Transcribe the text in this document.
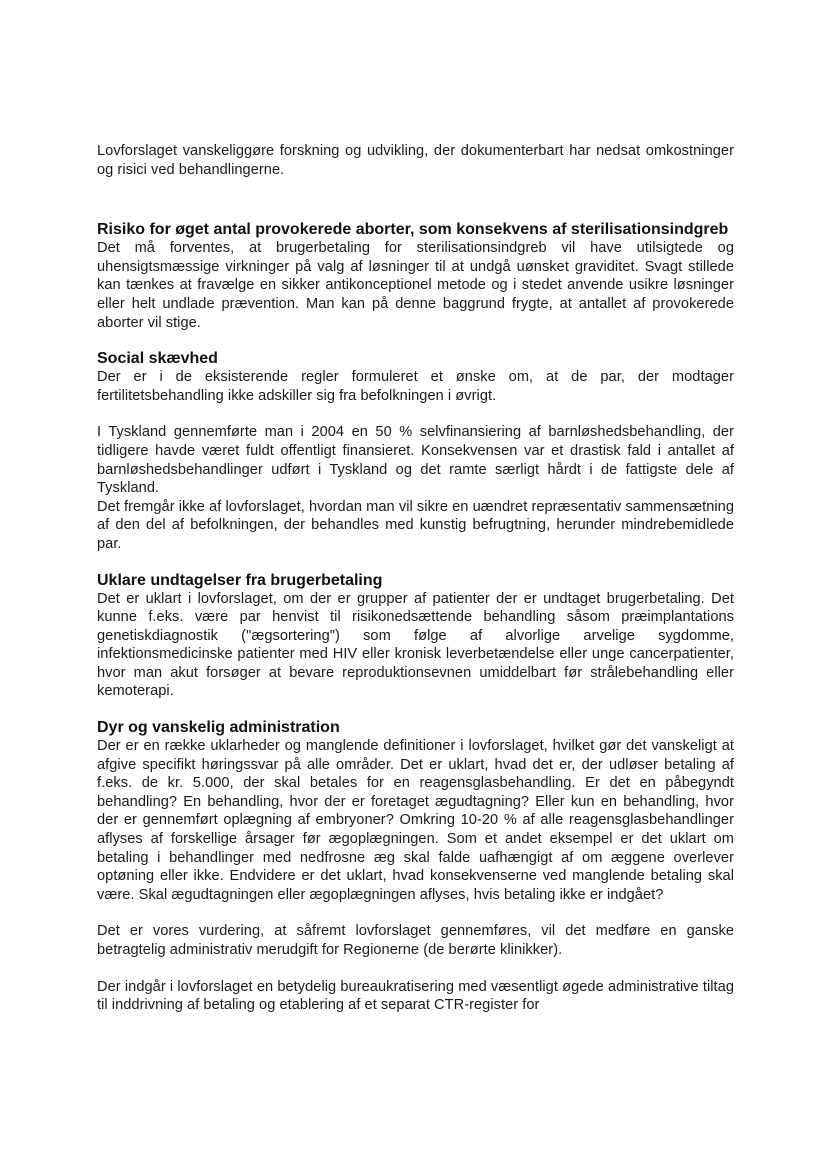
Lovforslaget vanskeliggøre forskning og udvikling, der dokumenterbart har nedsat omkostninger og risici ved behandlingerne.

Risiko for øget antal provokerede aborter, som konsekvens af sterilisationsindgreb

Det må forventes, at brugerbetaling for sterilisationsindgreb vil have utilsigtede og uhensigtsmæssige virkninger på valg af løsninger til at undgå uønsket graviditet. Svagt stillede kan tænkes at fravælge en sikker antikonceptionel metode og i stedet anvende usikre løsninger eller helt undlade prævention. Man kan på denne baggrund frygte, at antallet af provokerede aborter vil stige.

Social skævhed

Der er i de eksisterende regler formuleret et ønske om, at de par, der modtager fertilitetsbehandling ikke adskiller sig fra befolkningen i øvrigt.

I Tyskland gennemførte man i 2004 en 50 % selvfinansiering af barnløshedsbehandling, der tidligere havde været fuldt offentligt finansieret. Konsekvensen var et drastisk fald i antallet af barnløshedsbehandlinger udført i Tyskland og det ramte særligt hårdt i de fattigste dele af Tyskland.

Det fremgår ikke af lovforslaget, hvordan man vil sikre en uændret repræsentativ sammensætning af den del af befolkningen, der behandles med kunstig befrugtning, herunder mindrebemidlede par.

Uklare undtagelser fra brugerbetaling

Det er uklart i lovforslaget, om der er grupper af patienter der er undtaget brugerbetaling. Det kunne f.eks. være par henvist til risikonedsættende behandling såsom præimplantations genetiskdiagnostik ("ægsortering") som følge af alvorlige arvelige sygdomme, infektionsmedicinske patienter med HIV eller kronisk leverbetændelse eller unge cancerpatienter, hvor man akut forsøger at bevare reproduktionsevnen umiddelbart før strålebehandling eller kemoterapi.

Dyr og vanskelig administration

Der er en række uklarheder og manglende definitioner i lovforslaget, hvilket gør det vanskeligt at afgive specifikt høringssvar på alle områder. Det er uklart, hvad det er, der udløser betaling af f.eks. de kr. 5.000, der skal betales for en reagensglasbehandling. Er det en påbegyndt behandling? En behandling, hvor der er foretaget ægudtagning? Eller kun en behandling, hvor der er gennemført oplægning af embryoner? Omkring 10-20 % af alle reagensglasbehandlinger aflyses af forskellige årsager før ægoplægningen. Som et andet eksempel er det uklart om betaling i behandlinger med nedfrosne æg skal falde uafhængigt af om æggene overlever optøning eller ikke. Endvidere er det uklart, hvad konsekvenserne ved manglende betaling skal være. Skal ægudtagningen eller ægoplægningen aflyses, hvis betaling ikke er indgået?

Det er vores vurdering, at såfremt lovforslaget gennemføres, vil det medføre en ganske betragtelig administrativ merudgift for Regionerne (de berørte klinikker).

Der indgår i lovforslaget en betydelig bureaukratisering med væsentligt øgede administrative tiltag til inddrivning af betaling og etablering af et separat CTR-register for
